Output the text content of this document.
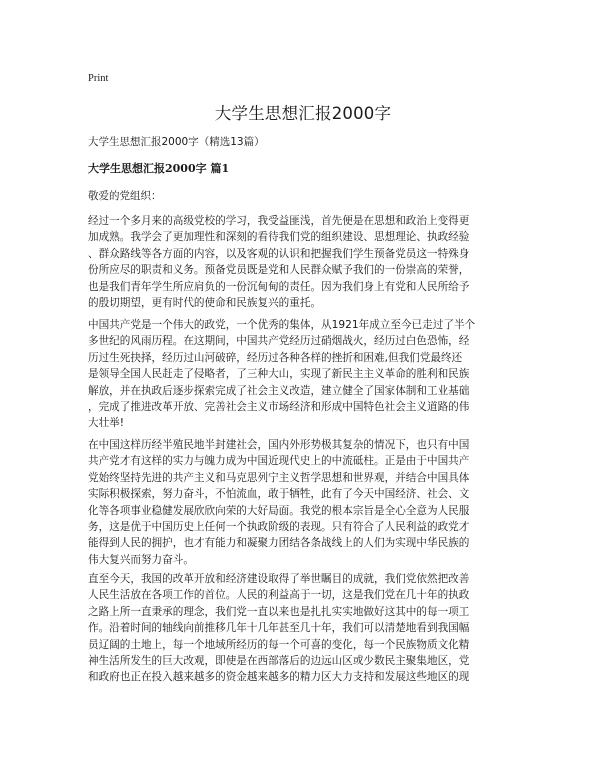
Print
大学生思想汇报2000字

大学生思想汇报2000字（精选13篇）

大学生思想汇报2000字 篇1

敬爱的党组织：

经过一个多月来的高级党校的学习，我受益匪浅，首先便是在思想和政治上变得更
加成熟。我学会了更加理性和深刻的看待我们党的组织建设、思想理论、执政经验
、群众路线等各方面的内容，以及客观的认识和把握我们学生预备党员这一特殊身
份所应尽的职责和义务。预备党员既是党和人民群众赋予我们的一份崇高的荣誉，
也是我们青年学生所应肩负的一份沉甸甸的责任。因为我们身上有党和人民所给予
的殷切期望，更有时代的使命和民族复兴的重托。

中国共产党是一个伟大的政党，一个优秀的集体，从1921年成立至今已走过了半个
多世纪的风雨历程。在这期间，中国共产党经历过硝烟战火，经历过白色恐怖，经
历过生死抉择，经历过山河破碎，经历过各种各样的挫折和困难,但我们党最终还
是领导全国人民赶走了侵略者，了三种大山，实现了新民主主义革命的胜利和民族
解放，并在执政后逐步探索完成了社会主义改造，建立健全了国家体制和工业基础
，完成了推进改革开放、完善社会主义市场经济和形成中国特色社会主义道路的伟
大壮举!

在中国这样历经半殖民地半封建社会，国内外形势极其复杂的情况下，也只有中国
共产党才有这样的实力与魄力成为中国近现代史上的中流砥柱。正是由于中国共产
党始终坚持先进的共产主义和马克思列宁主义哲学思想和世界观，并结合中国具体
实际积极探索，努力奋斗，不怕流血，敢于牺牲，此有了今天中国经济、社会、文
化等各项事业稳健发展欣欣向荣的大好局面。我党的根本宗旨是全心全意为人民服
务，这是优于中国历史上任何一个执政阶级的表现。只有符合了人民利益的政党才
能得到人民的拥护，也才有能力和凝聚力团结各条战线上的人们为实现中华民族的
伟大复兴而努力奋斗。

直至今天，我国的改革开放和经济建设取得了举世瞩目的成就，我们党依然把改善
人民生活放在各项工作的首位。人民的利益高于一切，这是我们党在几十年的执政
之路上所一直秉承的理念，我们党一直以来也是扎扎实实地做好这其中的每一项工
作。沿着时间的轴线向前推移几年十几年甚至几十年，我们可以清楚地看到我国幅
员辽阔的土地上，每一个地域所经历的每一个可喜的变化，每一个民族物质文化精
神生活所发生的巨大改观，即使是在西部落后的边远山区或少数民主聚集地区，党
和政府也正在投入越来越多的资金越来越多的精力区大力支持和发展这些地区的现
